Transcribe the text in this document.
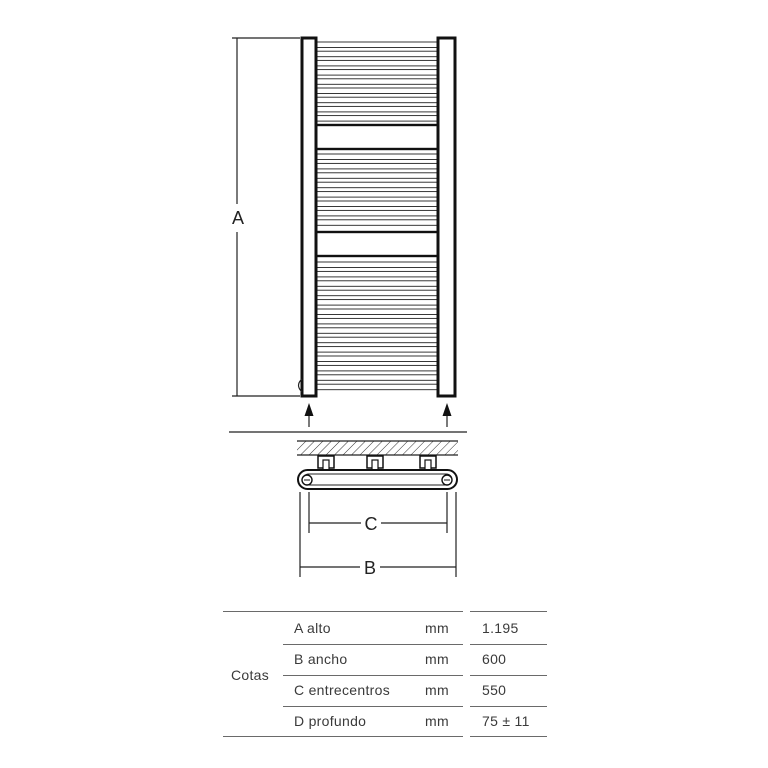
A
C
B
Cotas
A alto	mm 1.195
B ancho	mm 600
C entrecentros mm 550
D profundo	mm 75 ± 11
